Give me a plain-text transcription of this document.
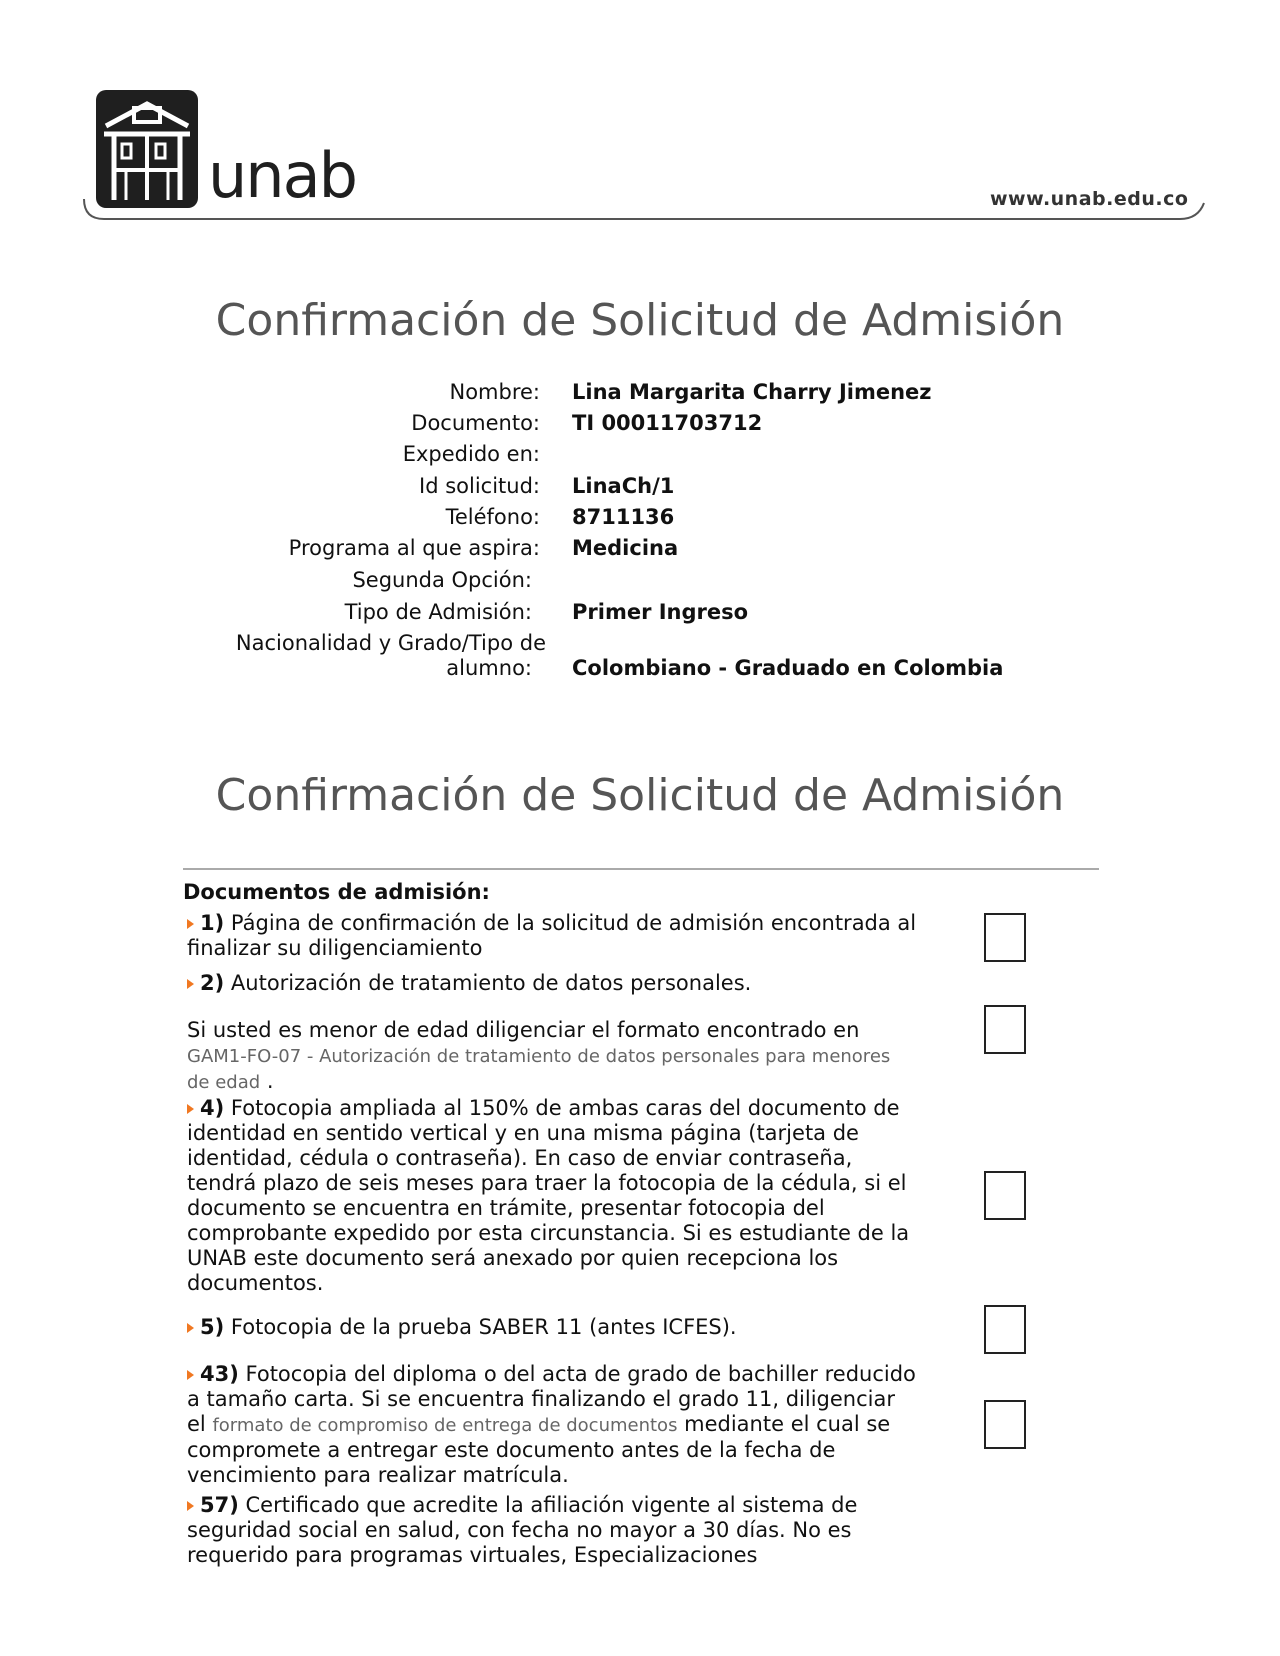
unab	www.unab.edu.co
Confirmación de Solicitud de Admisión
Nombre: Lina Margarita Charry Jimenez
Documento: TI 00011703712
Expedido en:
Id solicitud: LinaCh/1
Teléfono: 8711136
Programa al que aspira: Medicina
Segunda Opción:
Tipo de Admisión: Primer Ingreso
Nacionalidad y Grado/Tipo de
alumno: Colombiano - Graduado en Colombia
Confirmación de Solicitud de Admisión
Documentos de admisión:
1) Página de confirmación de la solicitud de admisión encontrada al finalizar su diligenciamiento
2) Autorización de tratamiento de datos personales.
Si usted es menor de edad diligenciar el formato encontrado en
GAM1-FO-07 - Autorización de tratamiento de datos personales para menores de edad .
4) Fotocopia ampliada al 150% de ambas caras del documento de identidad en sentido vertical y en una misma página (tarjeta de identidad, cédula o contraseña). En caso de enviar contraseña, tendrá plazo de seis meses para traer la fotocopia de la cédula, si el documento se encuentra en trámite, presentar fotocopia del comprobante expedido por esta circunstancia. Si es estudiante de la UNAB este documento será anexado por quien recepciona los documentos.
5) Fotocopia de la prueba SABER 11 (antes ICFES).
43) Fotocopia del diploma o del acta de grado de bachiller reducido a tamaño carta. Si se encuentra finalizando el grado 11, diligenciar el formato de compromiso de entrega de documentos mediante el cual se compromete a entregar este documento antes de la fecha de vencimiento para realizar matrícula.
57) Certificado que acredite la afiliación vigente al sistema de seguridad social en salud, con fecha no mayor a 30 días. No es requerido para programas virtuales, Especializaciones
